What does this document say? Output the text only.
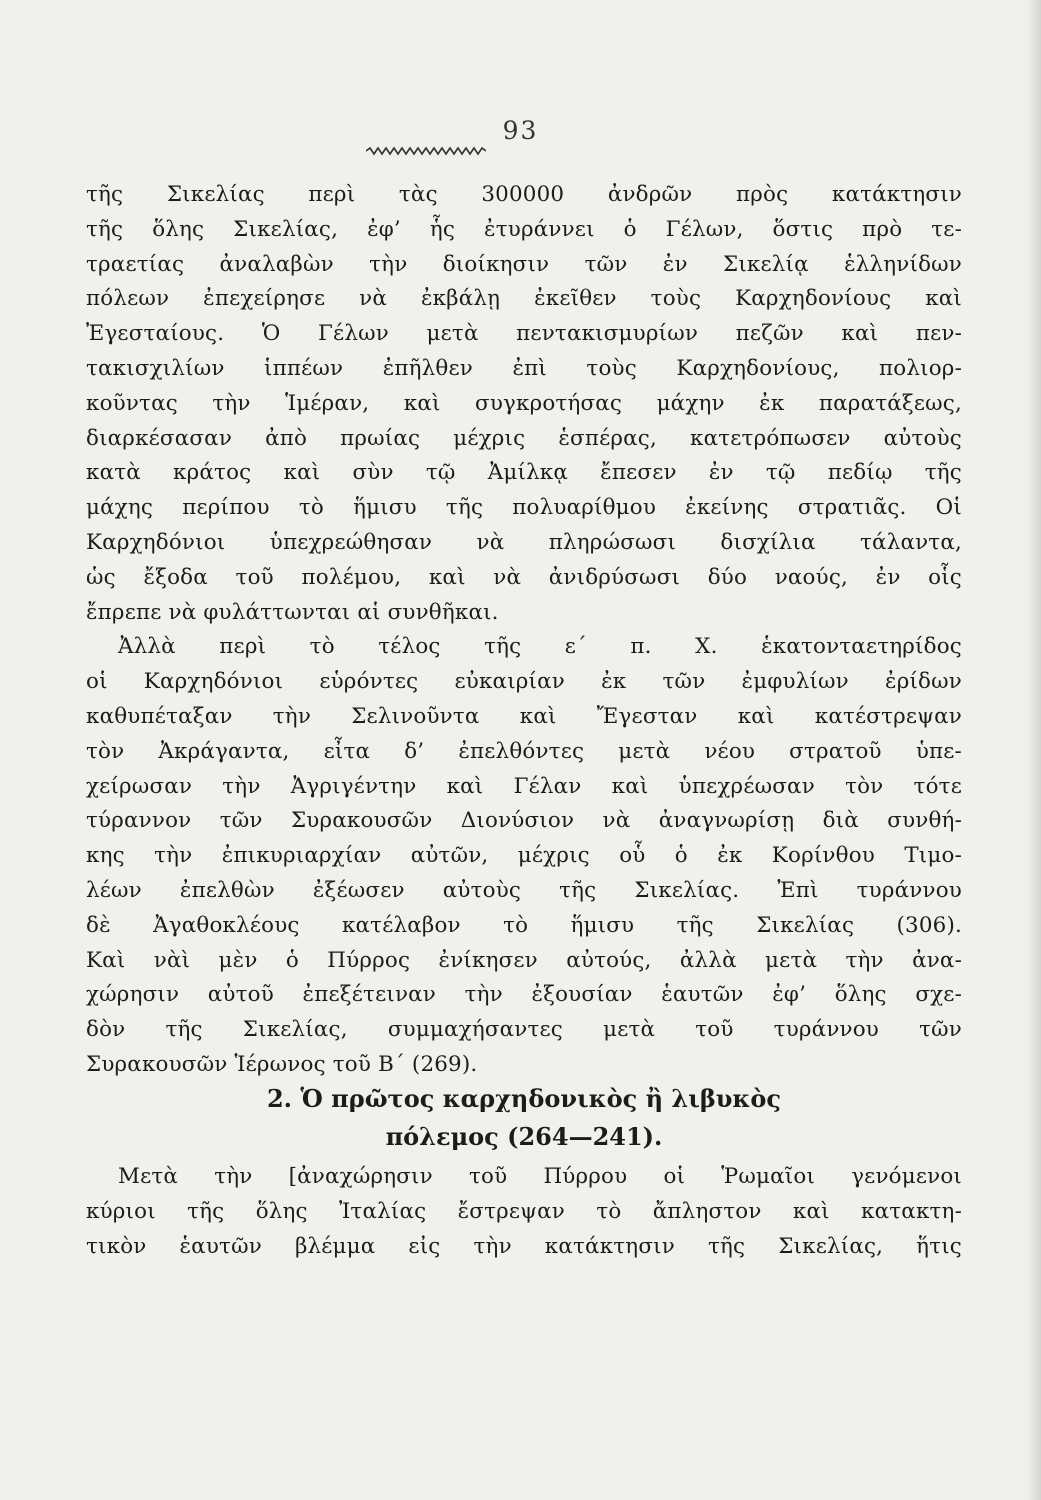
93
τῆς Σικελίας περὶ τὰς 300000 ἀνδρῶν πρὸς κατάκτησιν
τῆς ὅλης Σικελίας, ἐφ’ ἧς ἐτυράννει ὁ Γέλων, ὅστις πρὸ τε-
τραετίας ἀναλαβὼν τὴν διοίκησιν τῶν ἐν Σικελίᾳ ἑλληνίδων
πόλεων ἐπεχείρησε νὰ ἐκβάλῃ ἐκεῖθεν τοὺς Καρχηδονίους καὶ
Ἐγεσταίους. Ὁ Γέλων μετὰ πεντακισμυρίων πεζῶν καὶ πεν-
τακισχιλίων ἱππέων ἐπῆλθεν ἐπὶ τοὺς Καρχηδονίους, πολιορ-
κοῦντας τὴν Ἱμέραν, καὶ συγκροτήσας μάχην ἐκ παρατάξεως,
διαρκέσασαν ἀπὸ πρωίας μέχρις ἑσπέρας, κατετρόπωσεν αὐτοὺς
κατὰ κράτος καὶ σὺν τῷ Ἀμίλκᾳ ἔπεσεν ἐν τῷ πεδίῳ τῆς
μάχης περίπου τὸ ἥμισυ τῆς πολυαρίθμου ἐκείνης στρατιᾶς. Οἱ
Καρχηδόνιοι ὑπεχρεώθησαν νὰ πληρώσωσι δισχίλια τάλαντα,
ὡς ἔξοδα τοῦ πολέμου, καὶ νὰ ἀνιδρύσωσι δύο ναούς, ἐν οἷς
ἔπρεπε νὰ φυλάττωνται αἱ συνθῆκαι.
Ἀλλὰ περὶ τὸ τέλος τῆς ε΄ π. Χ. ἑκατονταετηρίδος
οἱ Καρχηδόνιοι εὑρόντες εὐκαιρίαν ἐκ τῶν ἐμφυλίων ἐρίδων
καθυπέταξαν τὴν Σελινοῦντα καὶ Ἔγεσταν καὶ κατέστρεψαν
τὸν Ἀκράγαντα, εἶτα δ’ ἐπελθόντες μετὰ νέου στρατοῦ ὑπε-
χείρωσαν τὴν Ἀγριγέντην καὶ Γέλαν καὶ ὑπεχρέωσαν τὸν τότε
τύραννον τῶν Συρακουσῶν Διονύσιον νὰ ἀναγνωρίσῃ διὰ συνθή-
κης τὴν ἐπικυριαρχίαν αὐτῶν, μέχρις οὗ ὁ ἐκ Κορίνθου Τιμο-
λέων ἐπελθὼν ἐξέωσεν αὐτοὺς τῆς Σικελίας. Ἐπὶ τυράννου
δὲ Ἀγαθοκλέους κατέλαβον τὸ ἥμισυ τῆς Σικελίας (306).
Καὶ νὰὶ μὲν ὁ Πύρρος ἐνίκησεν αὐτούς, ἀλλὰ μετὰ τὴν ἀνα-
χώρησιν αὐτοῦ ἐπεξέτειναν τὴν ἐξουσίαν ἑαυτῶν ἐφ’ ὅλης σχε-
δὸν τῆς Σικελίας, συμμαχήσαντες μετὰ τοῦ τυράννου τῶν
Συρακουσῶν Ἱέρωνος τοῦ Β΄ (269).
2. Ὁ πρῶτος καρχηδονικὸς ἢ λιβυκὸς
πόλεμος (264—241).
Μετὰ τὴν [ἀναχώρησιν τοῦ Πύρρου οἱ Ῥωμαῖοι γενόμενοι
κύριοι τῆς ὅλης Ἰταλίας ἔστρεψαν τὸ ἄπληστον καὶ κατακτη-
τικὸν ἑαυτῶν βλέμμα εἰς τὴν κατάκτησιν τῆς Σικελίας, ἥτις
